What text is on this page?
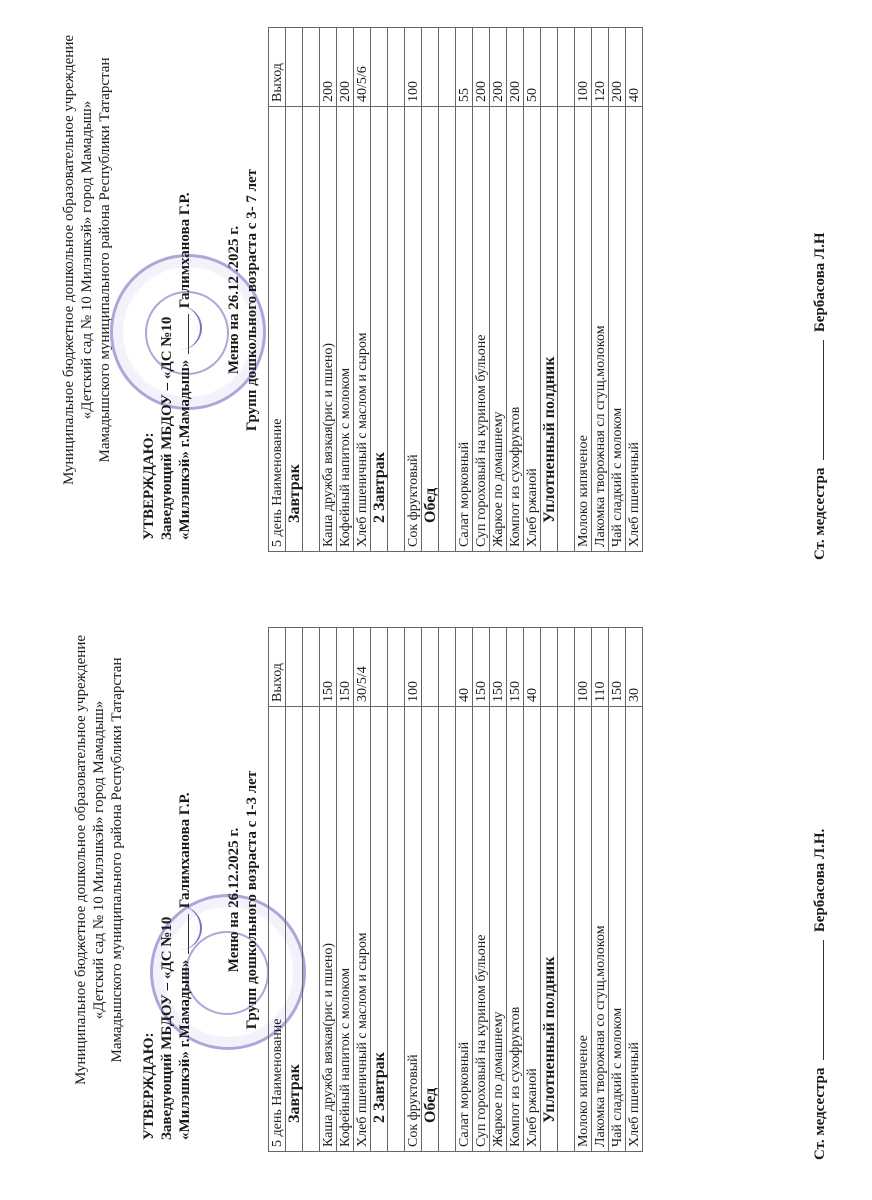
Муниципальное бюджетное дошкольное образовательное учреждение «Детский сад № 10 Милэшкэй» город Мамадыш» Мамадышского муниципального района Республики Татарстан
УТВЕРЖДАЮ: Заведующий МБДОУ – «ДС №10 «Милэшкэй» г.Мамадыш»  Галимханова Г.Р. Меню на 26.12.2025 г. Групп дошкольного возраста с 1-3 лет
5 день Наименование	Выход
Завтрак	

Каша дружба вязкая(рис и пшено)	150
Кофейный напиток с молоком	150
Хлеб пшеничный с маслом и сыром	30/5/4
2 Завтрак	

Сок фруктовый	100
Обед	

Салат морковный	40
Суп гороховый на курином бульоне	150
Жаркое по домашнему	150
Компот из сухофруктов	150
Хлеб ржаной	40
Уплотненный полдник	

Молоко кипяченое	100
Лакомка творожная со сгущ.молоком	110
Чай сладкий с молоком	150
Хлеб пшеничный	30
Ст. медсестра  Бербасова Л.Н.
Муниципальное бюджетное дошкольное образовательное учреждение «Детский сад № 10 Милэшкэй» город Мамадыш» Мамадышского муниципального района Республики Татарстан
УТВЕРЖДАЮ: Заведующий МБДОУ – «ДС №10 «Милэшкэй» г.Мамадыш»  Галимханова Г.Р. Меню на 26.12 .2025 г. Групп дошкольного возраста с 3- 7 лет
5 день Наименование	Выход
Завтрак	

Каша дружба вязкая(рис и пшено)	200
Кофейный напиток с молоком	200
Хлеб пшеничный с маслом и сыром	40/5/6
2 Завтрак	

Сок фруктовый	100
Обед	

Салат морковный	55
Суп гороховый на курином бульоне	200
Жаркое по домашнему	200
Компот из сухофруктов	200
Хлеб ржаной	50
Уплотненный полдник	

Молоко кипяченое	100
Лакомка творожная сл сгущ.молоком	120
Чай сладкий с молоком	200
Хлеб пшеничный	40
Ст. медсестра  Бербасова Л.Н
